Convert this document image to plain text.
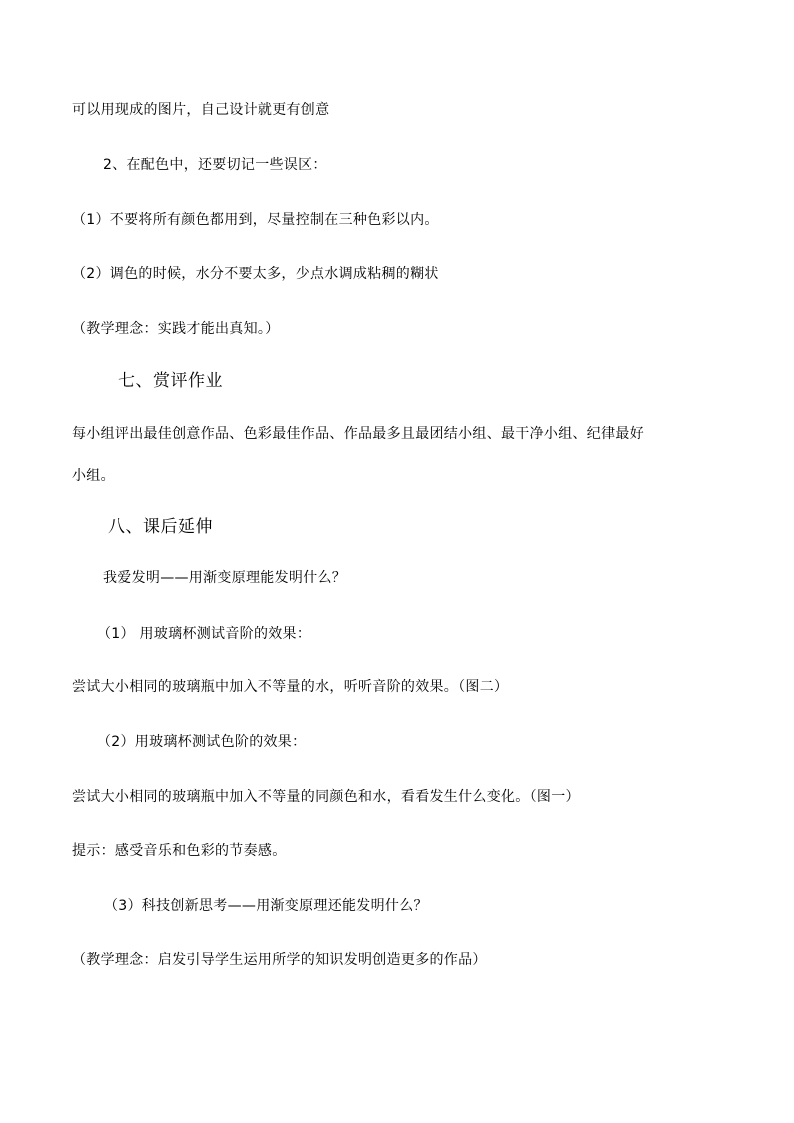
可以用现成的图片，自己设计就更有创意
2、在配色中，还要切记一些误区：
（1）不要将所有颜色都用到，尽量控制在三种色彩以内。
（2）调色的时候，水分不要太多，少点水调成粘稠的糊状
（教学理念：实践才能出真知。）
七、赏评作业
每小组评出最佳创意作品、色彩最佳作品、作品最多且最团结小组、最干净小组、纪律最好
小组。
八、课后延伸
我爱发明——用渐变原理能发明什么？
（1） 用玻璃杯测试音阶的效果：
尝试大小相同的玻璃瓶中加入不等量的水，听听音阶的效果。（图二）
（2）用玻璃杯测试色阶的效果：
尝试大小相同的玻璃瓶中加入不等量的同颜色和水，看看发生什么变化。（图一）
提示：感受音乐和色彩的节奏感。
（3）科技创新思考——用渐变原理还能发明什么？
（教学理念：启发引导学生运用所学的知识发明创造更多的作品）
